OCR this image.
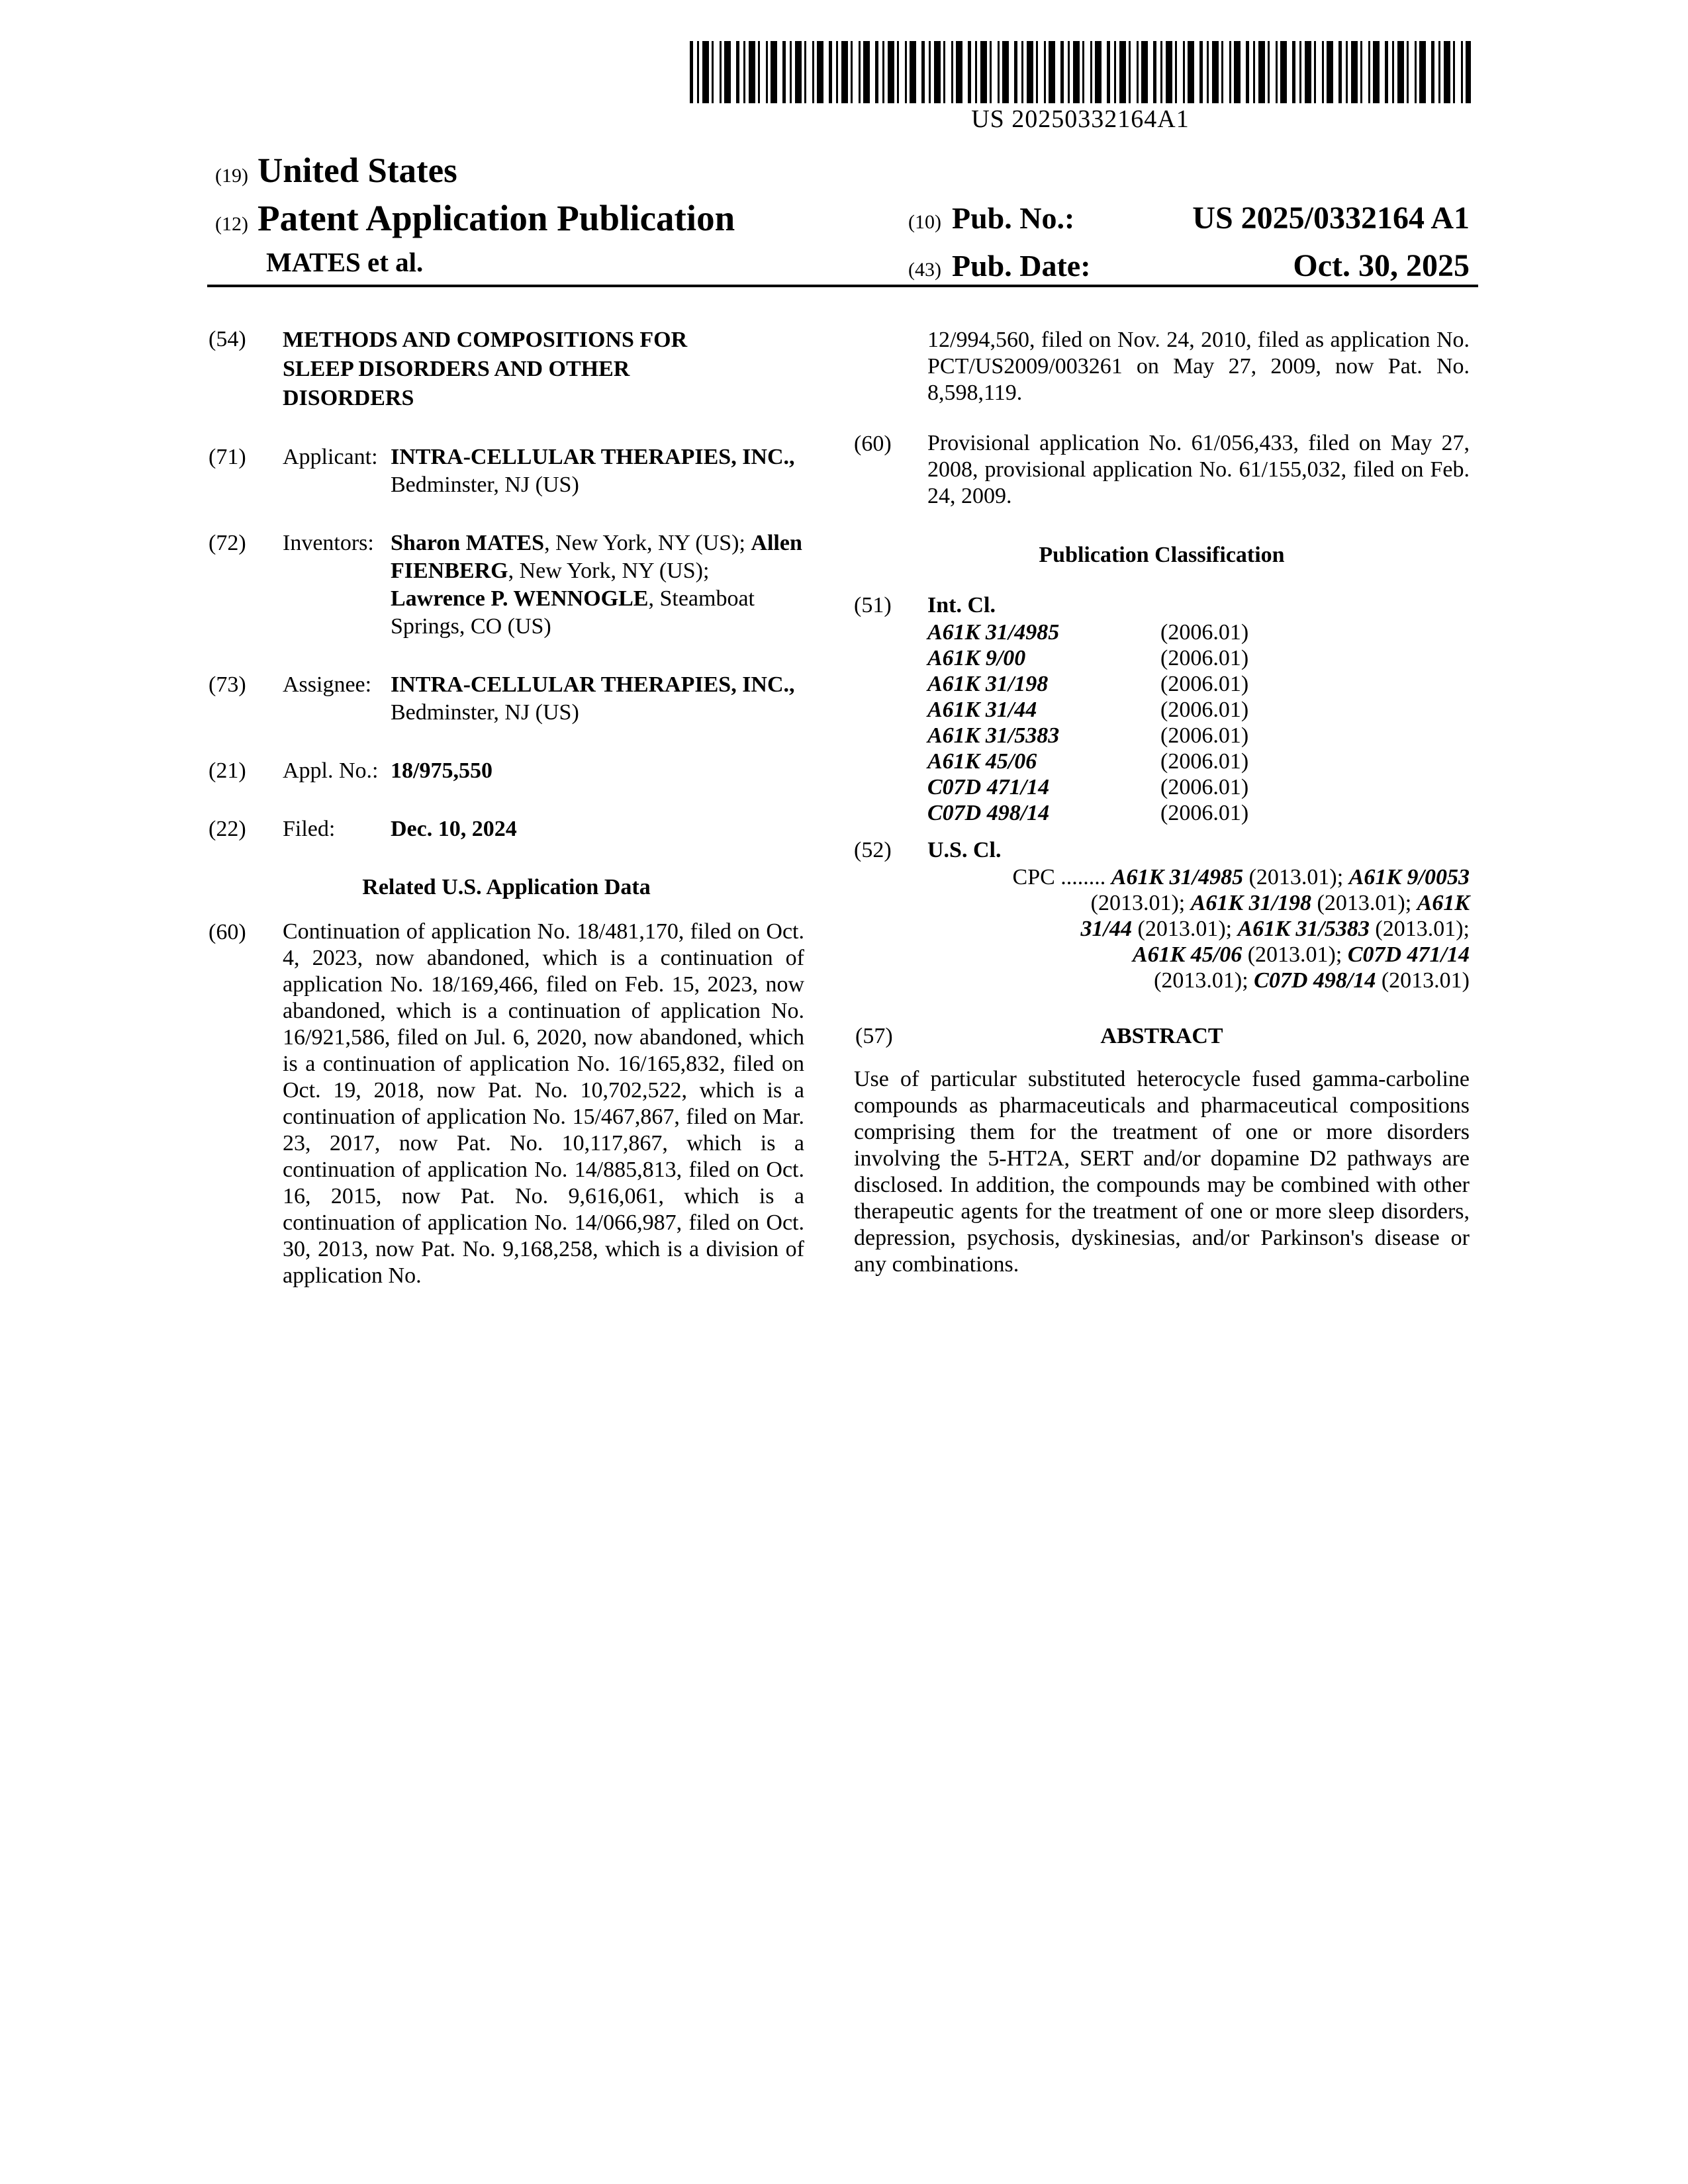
US 20250332164A1
(19) United States
(12) Patent Application Publication
MATES et al.
(10) Pub. No.:	US 2025/0332164 A1
(43) Pub. Date:	Oct. 30, 2025
(54)	METHODS AND COMPOSITIONS FOR SLEEP DISORDERS AND OTHER DISORDERS
(71)	Applicant: INTRA-CELLULAR THERAPIES, INC., Bedminster, NJ (US)
(72)	Inventors: Sharon MATES, New York, NY (US); Allen FIENBERG, New York, NY (US); Lawrence P. WENNOGLE, Steamboat Springs, CO (US)
(73)	Assignee: INTRA-CELLULAR THERAPIES, INC., Bedminster, NJ (US)
(21)	Appl. No.: 18/975,550
(22)	Filed:	Dec. 10, 2024
Related U.S. Application Data
(60)	Continuation of application No. 18/481,170, filed on Oct. 4, 2023, now abandoned, which is a continuation of application No. 18/169,466, filed on Feb. 15, 2023, now abandoned, which is a continuation of application No. 16/921,586, filed on Jul. 6, 2020, now abandoned, which is a continuation of application No. 16/165,832, filed on Oct. 19, 2018, now Pat. No. 10,702,522, which is a continuation of application No. 15/467,867, filed on Mar. 23, 2017, now Pat. No. 10,117,867, which is a continuation of application No. 14/885,813, filed on Oct. 16, 2015, now Pat. No. 9,616,061, which is a continuation of application No. 14/066,987, filed on Oct. 30, 2013, now Pat. No. 9,168,258, which is a division of application No.
12/994,560, filed on Nov. 24, 2010, filed as application No. PCT/US2009/003261 on May 27, 2009, now Pat. No. 8,598,119.
(60)	Provisional application No. 61/056,433, filed on May 27, 2008, provisional application No. 61/155,032, filed on Feb. 24, 2009.
Publication Classification
(51)	Int. Cl.
A61K 31/4985	(2006.01)
A61K 9/00	(2006.01)
A61K 31/198	(2006.01)
A61K 31/44	(2006.01)
A61K 31/5383	(2006.01)
A61K 45/06	(2006.01)
C07D 471/14	(2006.01)
C07D 498/14	(2006.01)
(52)	U.S. Cl.
CPC ........ A61K 31/4985 (2013.01); A61K 9/0053
(2013.01); A61K 31/198 (2013.01); A61K
31/44 (2013.01); A61K 31/5383 (2013.01);
A61K 45/06 (2013.01); C07D 471/14
(2013.01); C07D 498/14 (2013.01)
(57)	ABSTRACT
Use of particular substituted heterocycle fused gamma-carboline compounds as pharmaceuticals and pharmaceutical compositions comprising them for the treatment of one or more disorders involving the 5-HT2A, SERT and/or dopamine D2 pathways are disclosed. In addition, the compounds may be combined with other therapeutic agents for the treatment of one or more sleep disorders, depression, psychosis, dyskinesias, and/or Parkinson's disease or any combinations.
